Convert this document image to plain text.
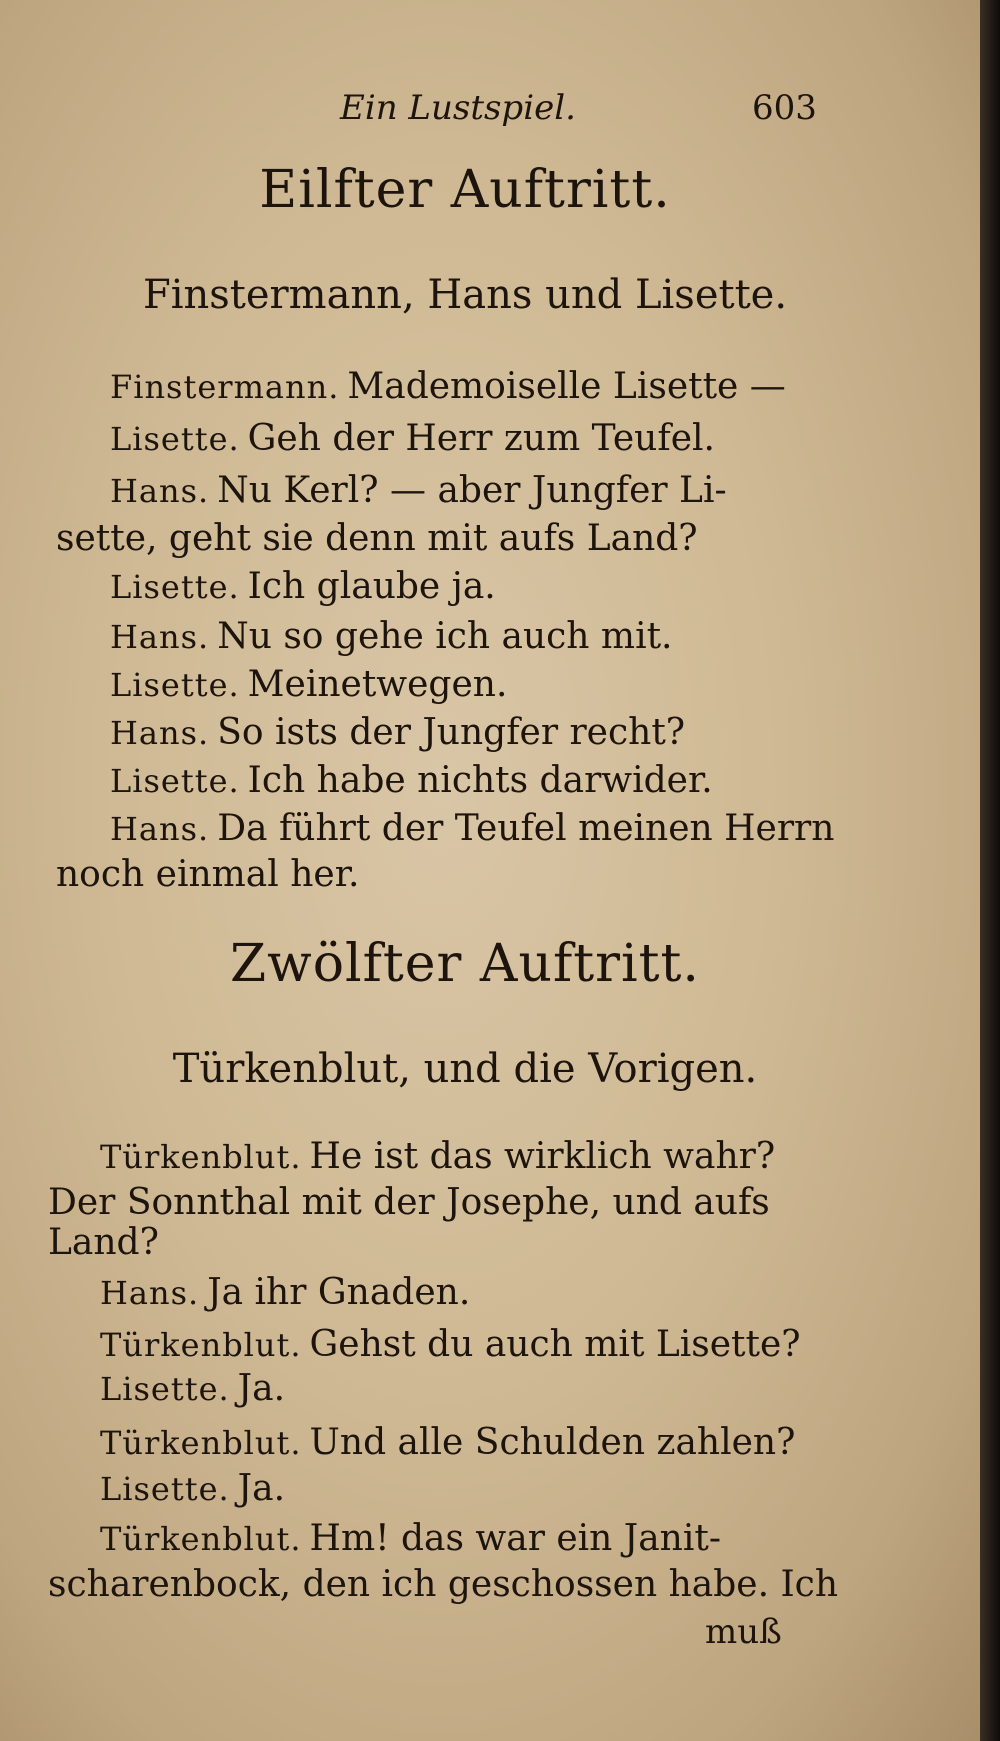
Ein Lustspiel.	603
Eilfter Auftritt.
Finstermann, Hans und Lisette.
Finstermann. Mademoiselle Lisette —
Lisette. Geh der Herr zum Teufel.
Hans. Nu Kerl? — aber Jungfer Li-
sette, geht sie denn mit aufs Land?
Lisette. Ich glaube ja.
Hans. Nu so gehe ich auch mit.
Lisette. Meinetwegen.
Hans. So ists der Jungfer recht?
Lisette. Ich habe nichts darwider.
Hans. Da führt der Teufel meinen Herrn
noch einmal her.
Zwölfter Auftritt.
Türkenblut, und die Vorigen.
Türkenblut. He ist das wirklich wahr?
Der Sonnthal mit der Josephe, und aufs
Land?
Hans. Ja ihr Gnaden.
Türkenblut. Gehst du auch mit Lisette?
Lisette. Ja.
Türkenblut. Und alle Schulden zahlen?
Lisette. Ja.
Türkenblut. Hm! das war ein Janit-
scharenbock, den ich geschossen habe. Ich
muß
